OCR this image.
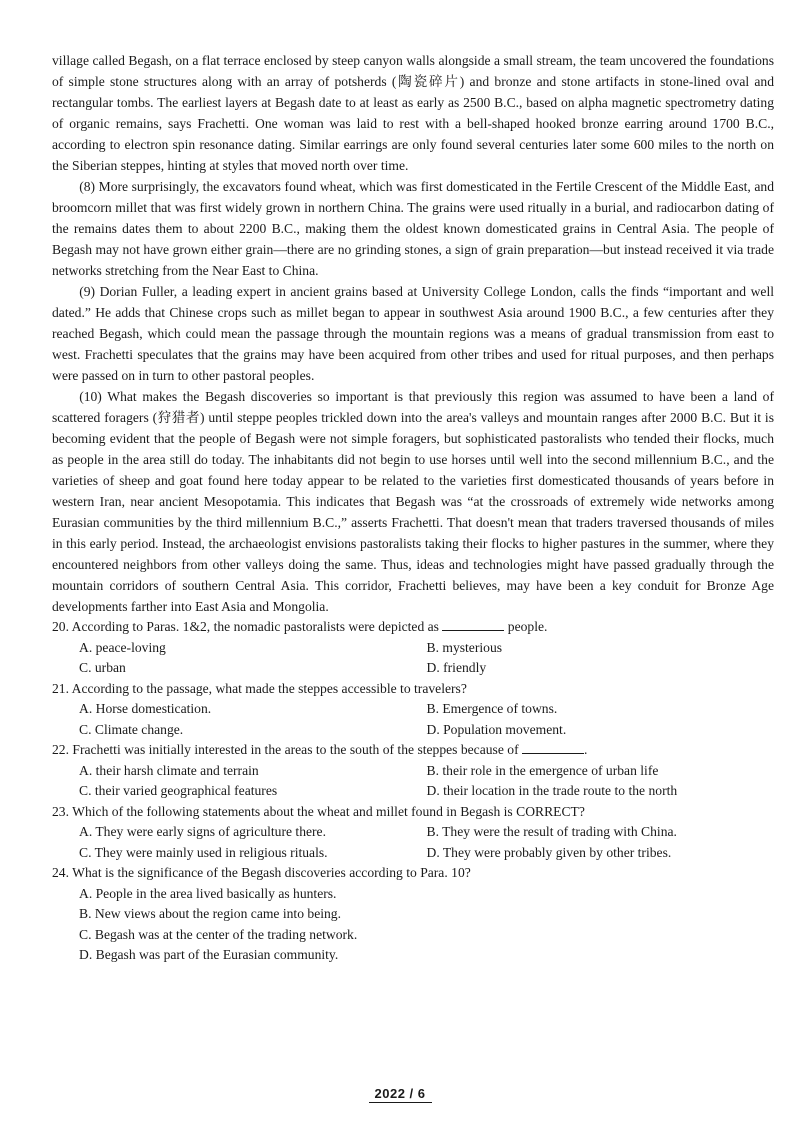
village called Begash, on a flat terrace enclosed by steep canyon walls alongside a small stream, the team uncovered the foundations of simple stone structures along with an array of potsherds (陶瓷碎片) and bronze and stone artifacts in stone-lined oval and rectangular tombs. The earliest layers at Begash date to at least as early as 2500 B.C., based on alpha magnetic spectrometry dating of organic remains, says Frachetti. One woman was laid to rest with a bell-shaped hooked bronze earring around 1700 B.C., according to electron spin resonance dating. Similar earrings are only found several centuries later some 600 miles to the north on the Siberian steppes, hinting at styles that moved north over time.

(8) More surprisingly, the excavators found wheat, which was first domesticated in the Fertile Crescent of the Middle East, and broomcorn millet that was first widely grown in northern China. The grains were used ritually in a burial, and radiocarbon dating of the remains dates them to about 2200 B.C., making them the oldest known domesticated grains in Central Asia. The people of Begash may not have grown either grain—there are no grinding stones, a sign of grain preparation—but instead received it via trade networks stretching from the Near East to China.

(9) Dorian Fuller, a leading expert in ancient grains based at University College London, calls the finds “important and well dated.” He adds that Chinese crops such as millet began to appear in southwest Asia around 1900 B.C., a few centuries after they reached Begash, which could mean the passage through the mountain regions was a means of gradual transmission from east to west. Frachetti speculates that the grains may have been acquired from other tribes and used for ritual purposes, and then perhaps were passed on in turn to other pastoral peoples.

(10) What makes the Begash discoveries so important is that previously this region was assumed to have been a land of scattered foragers (狩猎者) until steppe peoples trickled down into the area's valleys and mountain ranges after 2000 B.C. But it is becoming evident that the people of Begash were not simple foragers, but sophisticated pastoralists who tended their flocks, much as people in the area still do today. The inhabitants did not begin to use horses until well into the second millennium B.C., and the varieties of sheep and goat found here today appear to be related to the varieties first domesticated thousands of years before in western Iran, near ancient Mesopotamia. This indicates that Begash was “at the crossroads of extremely wide networks among Eurasian communities by the third millennium B.C.,” asserts Frachetti. That doesn't mean that traders traversed thousands of miles in this early period. Instead, the archaeologist envisions pastoralists taking their flocks to higher pastures in the summer, where they encountered neighbors from other valleys doing the same. Thus, ideas and technologies might have passed gradually through the mountain corridors of southern Central Asia. This corridor, Frachetti believes, may have been a key conduit for Bronze Age developments farther into East Asia and Mongolia.

20. According to Paras. 1&2, the nomadic pastoralists were depicted as	people.
A. peace-loving	B. mysterious
C. urban	D. friendly
21. According to the passage, what made the steppes accessible to travelers?
A. Horse domestication.	B. Emergence of towns.
C. Climate change.	D. Population movement.
22. Frachetti was initially interested in the areas to the south of the steppes because of	.
A. their harsh climate and terrain	B. their role in the emergence of urban life
C. their varied geographical features	D. their location in the trade route to the north
23. Which of the following statements about the wheat and millet found in Begash is CORRECT?
A. They were early signs of agriculture there.	B. They were the result of trading with China.
C. They were mainly used in religious rituals.	D. They were probably given by other tribes.
24. What is the significance of the Begash discoveries according to Para. 10?
A. People in the area lived basically as hunters.
B. New views about the region came into being.
C. Begash was at the center of the trading network.
D. Begash was part of the Eurasian community.
2022 / 6
